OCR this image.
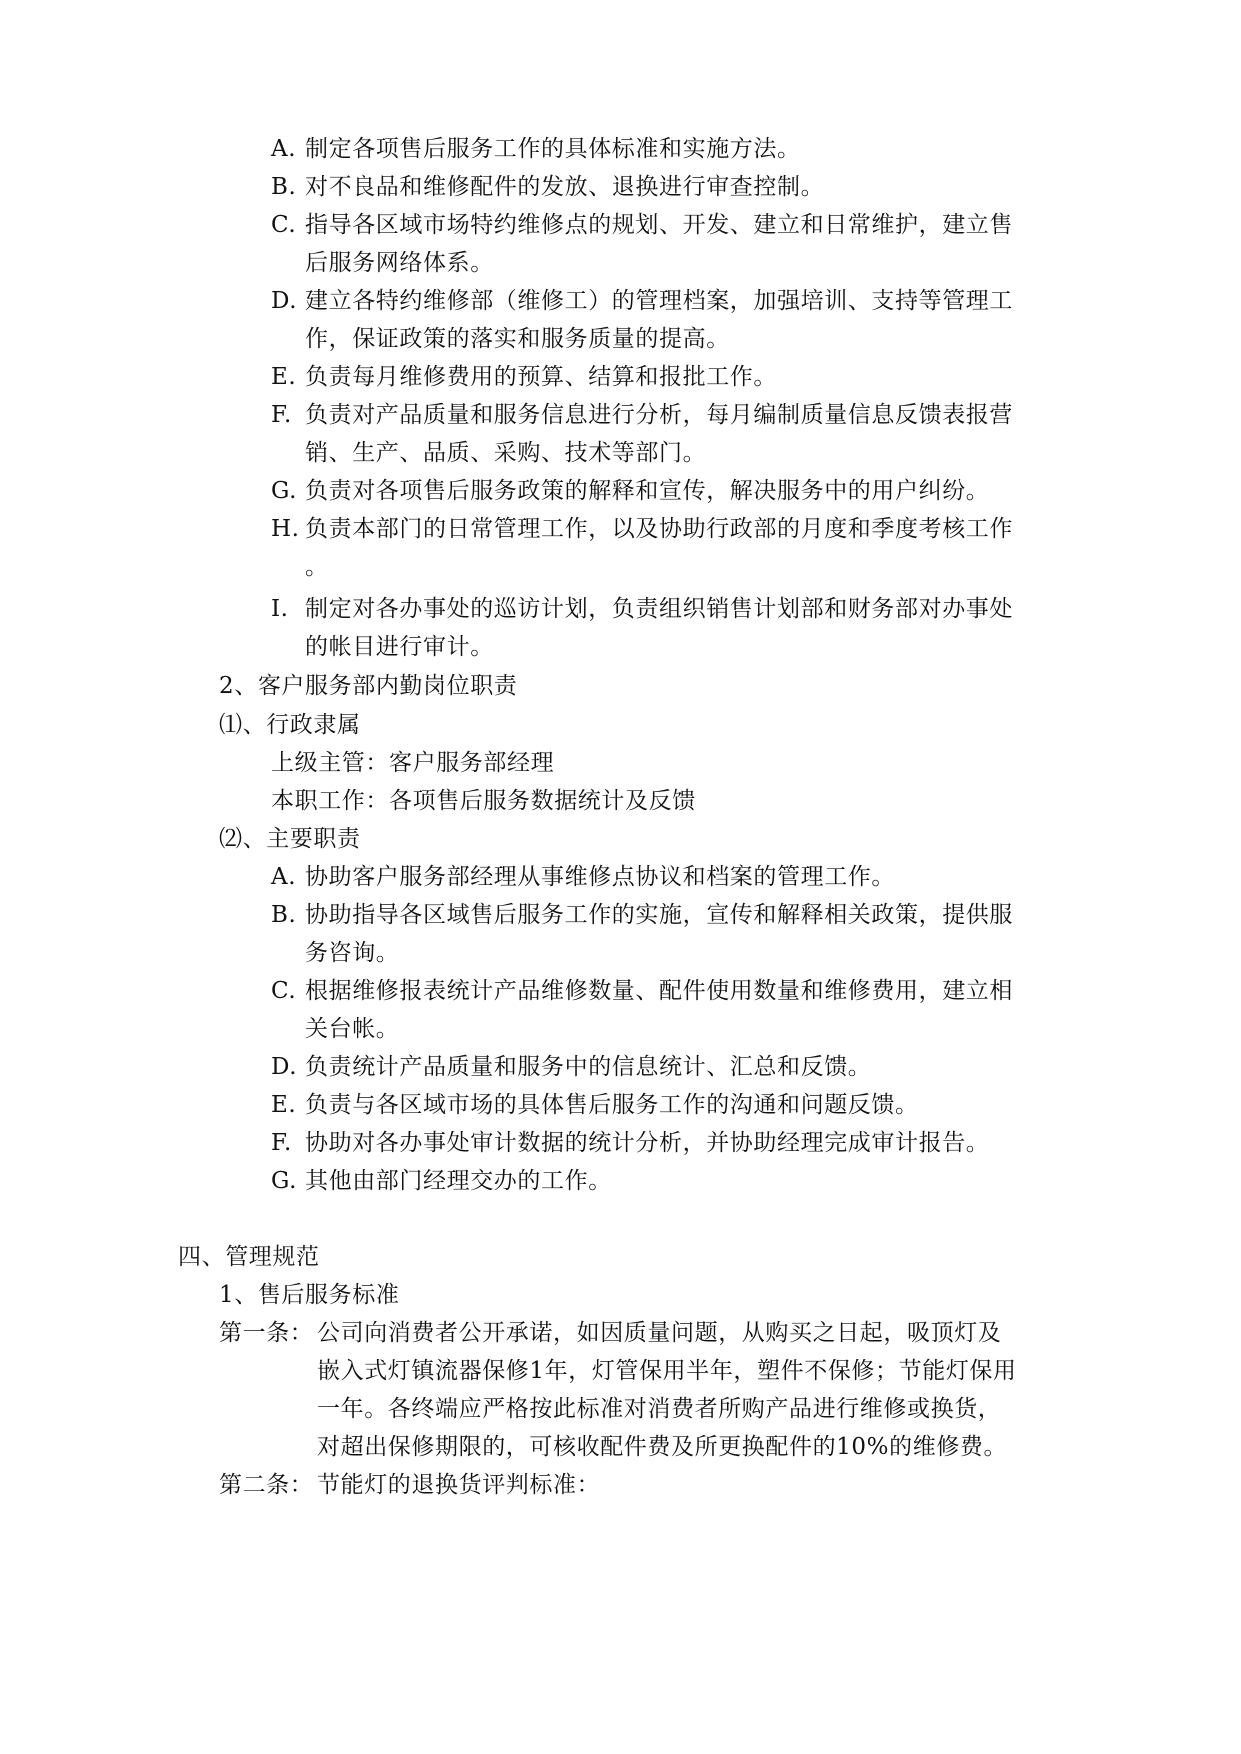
A. 制定各项售后服务工作的具体标准和实施方法。
B. 对不良品和维修配件的发放、退换进行审查控制。
C. 指导各区域市场特约维修点的规划、开发、建立和日常维护，建立售
后服务网络体系。
D. 建立各特约维修部（维修工）的管理档案，加强培训、支持等管理工
作，保证政策的落实和服务质量的提高。
E. 负责每月维修费用的预算、结算和报批工作。
F. 负责对产品质量和服务信息进行分析，每月编制质量信息反馈表报营
销、生产、品质、采购、技术等部门。
G. 负责对各项售后服务政策的解释和宣传，解决服务中的用户纠纷。
H. 负责本部门的日常管理工作，以及协助行政部的月度和季度考核工作
。
I. 制定对各办事处的巡访计划，负责组织销售计划部和财务部对办事处
的帐目进行审计。
2、客户服务部内勤岗位职责
⑴、行政隶属
上级主管：客户服务部经理
本职工作：各项售后服务数据统计及反馈
⑵、主要职责
A. 协助客户服务部经理从事维修点协议和档案的管理工作。
B. 协助指导各区域售后服务工作的实施，宣传和解释相关政策，提供服
务咨询。
C. 根据维修报表统计产品维修数量、配件使用数量和维修费用，建立相
关台帐。
D. 负责统计产品质量和服务中的信息统计、汇总和反馈。
E. 负责与各区域市场的具体售后服务工作的沟通和问题反馈。
F. 协助对各办事处审计数据的统计分析，并协助经理完成审计报告。
G. 其他由部门经理交办的工作。
四、管理规范
1、售后服务标准
第一条： 公司向消费者公开承诺，如因质量问题，从购买之日起，吸顶灯及
嵌入式灯镇流器保修1年，灯管保用半年，塑件不保修；节能灯保用
一年。各终端应严格按此标准对消费者所购产品进行维修或换货，
对超出保修期限的，可核收配件费及所更换配件的10%的维修费。
第二条： 节能灯的退换货评判标准：
